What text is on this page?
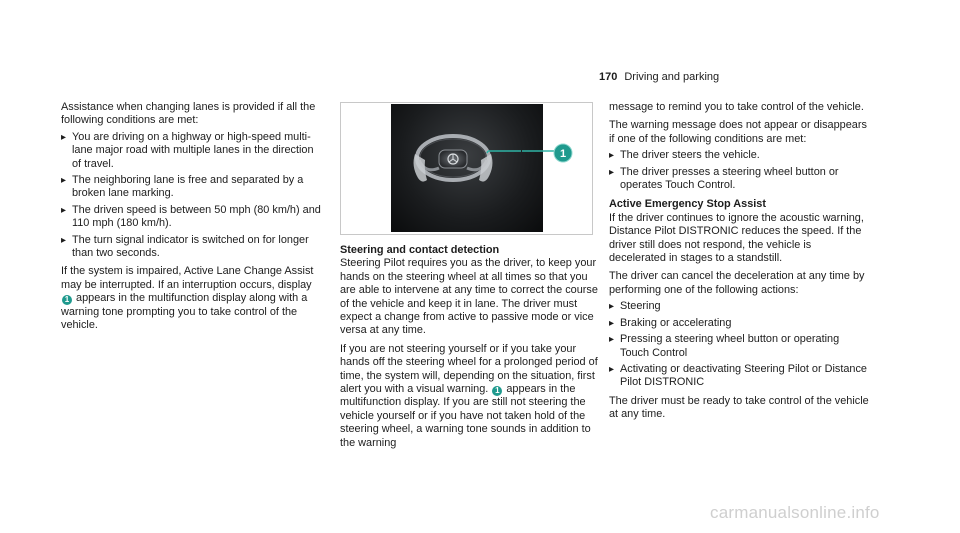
170 Driving and parking

Assistance when changing lanes is provided if all the following conditions are met:

▸ You are driving on a highway or high-speed multi-lane major road with multiple lanes in the direction of travel.
▸ The neighboring lane is free and separated by a broken lane marking.
▸ The driven speed is between 50 mph (80 km/h) and 110 mph (180 km/h).
▸ The turn signal indicator is switched on for longer than two seconds.

If the system is impaired, Active Lane Change Assist may be interrupted. If an interruption occurs, display 1 appears in the multifunction display along with a warning tone prompting you to take control of the vehicle.

1

Steering and contact detection

Steering Pilot requires you as the driver, to keep your hands on the steering wheel at all times so that you are able to intervene at any time to correct the course of the vehicle and keep it in lane. The driver must expect a change from active to passive mode or vice versa at any time.

If you are not steering yourself or if you take your hands off the steering wheel for a prolonged period of time, the system will, depending on the situation, first alert you with a visual warning. 1 appears in the multifunction display. If you are still not steering the vehicle yourself or if you have not taken hold of the steering wheel, a warning tone sounds in addition to the warning

message to remind you to take control of the vehicle.

The warning message does not appear or disappears if one of the following conditions are met:

▸ The driver steers the vehicle.
▸ The driver presses a steering wheel button or operates Touch Control.

Active Emergency Stop Assist

If the driver continues to ignore the acoustic warning, Distance Pilot DISTRONIC reduces the speed. If the driver still does not respond, the vehicle is decelerated in stages to a standstill.

The driver can cancel the deceleration at any time by performing one of the following actions:

▸ Steering
▸ Braking or accelerating
▸ Pressing a steering wheel button or operating Touch Control
▸ Activating or deactivating Steering Pilot or Distance Pilot DISTRONIC

The driver must be ready to take control of the vehicle at any time.

carmanualsonline.info
